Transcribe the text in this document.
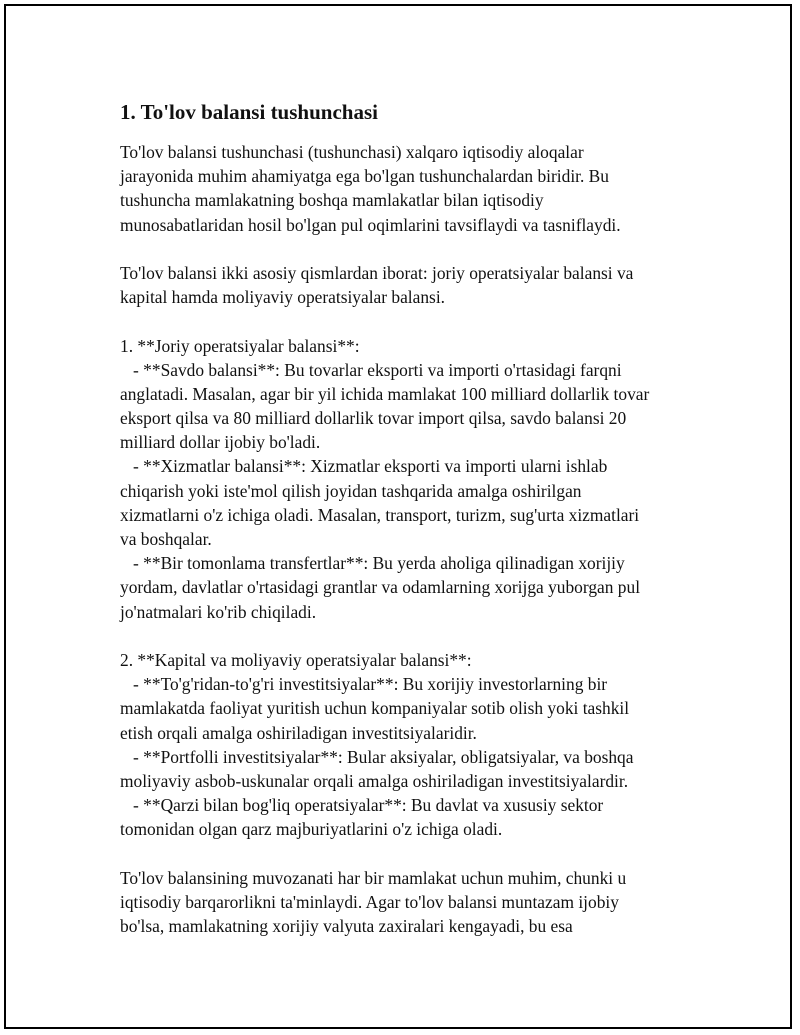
1. To'lov balansi tushunchasi
To'lov balansi tushunchasi (tushunchasi) xalqaro iqtisodiy aloqalar
jarayonida muhim ahamiyatga ega bo'lgan tushunchalardan biridir. Bu
tushuncha mamlakatning boshqa mamlakatlar bilan iqtisodiy
munosabatlaridan hosil bo'lgan pul oqimlarini tavsiflaydi va tasniflaydi.
To'lov balansi ikki asosiy qismlardan iborat: joriy operatsiyalar balansi va
kapital hamda moliyaviy operatsiyalar balansi.
1. **Joriy operatsiyalar balansi**:
- **Savdo balansi**: Bu tovarlar eksporti va importi o'rtasidagi farqni
anglatadi. Masalan, agar bir yil ichida mamlakat 100 milliard dollarlik tovar
eksport qilsa va 80 milliard dollarlik tovar import qilsa, savdo balansi 20
milliard dollar ijobiy bo'ladi.
- **Xizmatlar balansi**: Xizmatlar eksporti va importi ularni ishlab
chiqarish yoki iste'mol qilish joyidan tashqarida amalga oshirilgan
xizmatlarni o'z ichiga oladi. Masalan, transport, turizm, sug'urta xizmatlari
va boshqalar.
- **Bir tomonlama transfertlar**: Bu yerda aholiga qilinadigan xorijiy
yordam, davlatlar o'rtasidagi grantlar va odamlarning xorijga yuborgan pul
jo'natmalari ko'rib chiqiladi.
2. **Kapital va moliyaviy operatsiyalar balansi**:
- **To'g'ridan-to'g'ri investitsiyalar**: Bu xorijiy investorlarning bir
mamlakatda faoliyat yuritish uchun kompaniyalar sotib olish yoki tashkil
etish orqali amalga oshiriladigan investitsiyalaridir.
- **Portfolli investitsiyalar**: Bular aksiyalar, obligatsiyalar, va boshqa
moliyaviy asbob-uskunalar orqali amalga oshiriladigan investitsiyalardir.
- **Qarzi bilan bog'liq operatsiyalar**: Bu davlat va xususiy sektor
tomonidan olgan qarz majburiyatlarini o'z ichiga oladi.
To'lov balansining muvozanati har bir mamlakat uchun muhim, chunki u
iqtisodiy barqarorlikni ta'minlaydi. Agar to'lov balansi muntazam ijobiy
bo'lsa, mamlakatning xorijiy valyuta zaxiralari kengayadi, bu esa
